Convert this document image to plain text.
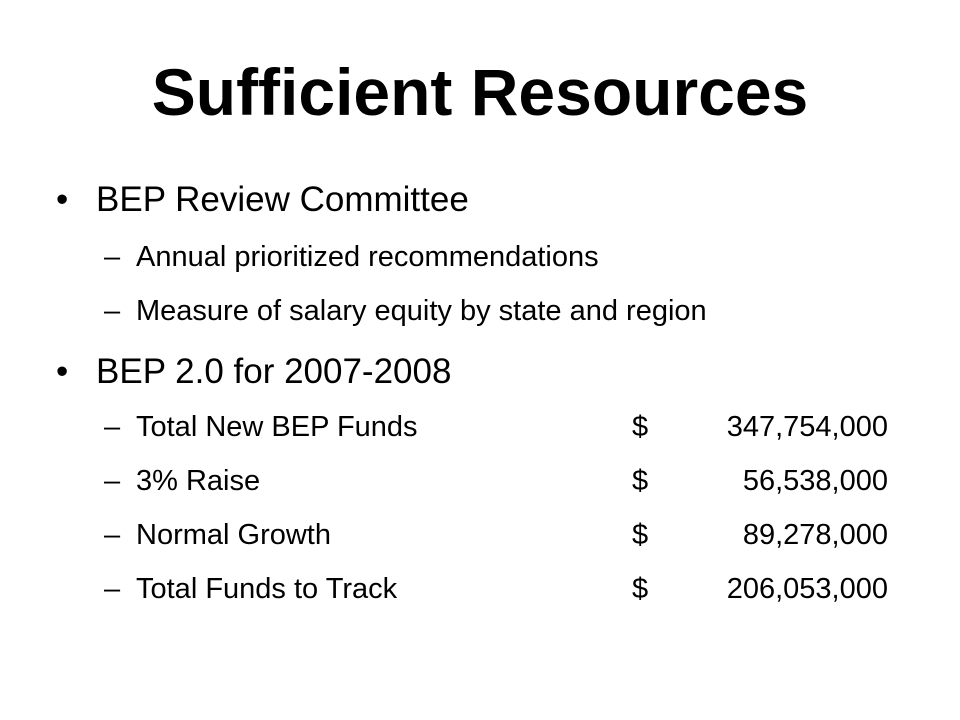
Sufficient Resources
• BEP Review Committee
– Annual prioritized recommendations
– Measure of salary equity by state and region
• BEP 2.0 for 2007-2008
– Total New BEP Funds	$	347,754,000
– 3% Raise	$	56,538,000
– Normal Growth	$	89,278,000
– Total Funds to Track	$	206,053,000
